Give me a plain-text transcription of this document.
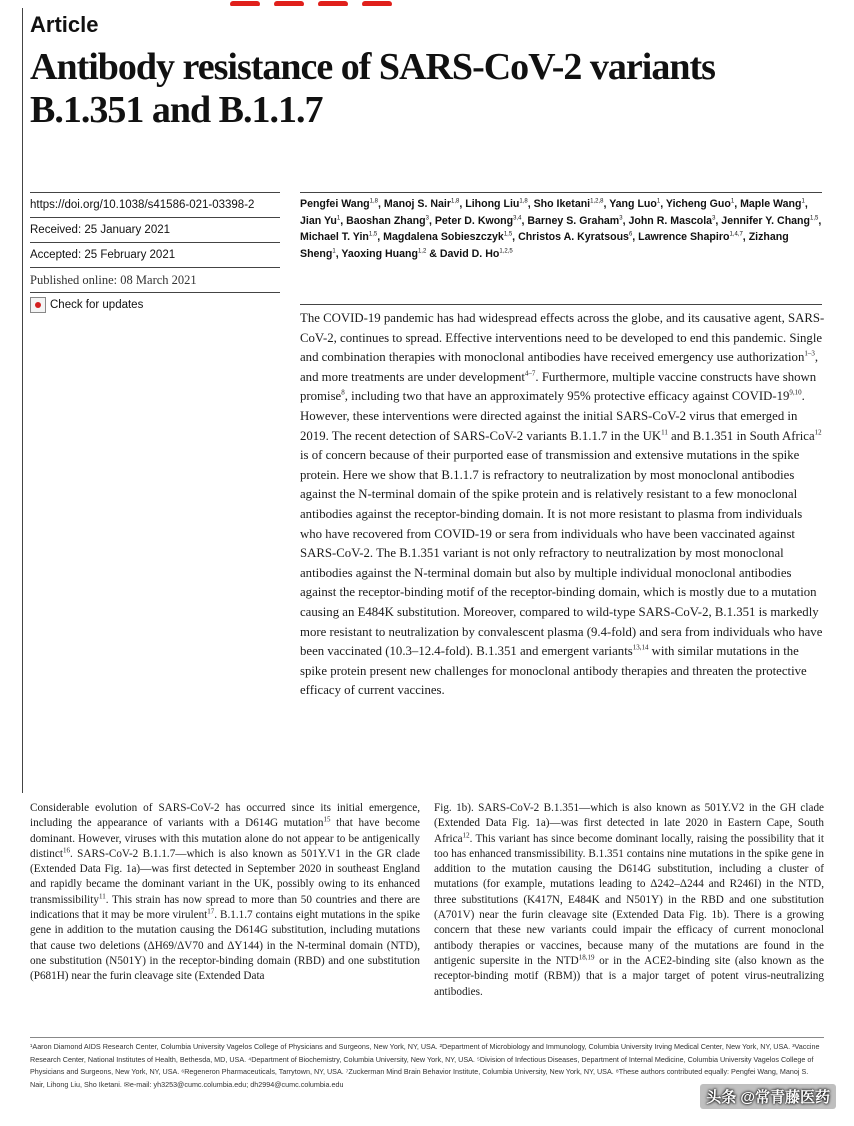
Article
Antibody resistance of SARS-CoV-2 variants B.1.351 and B.1.1.7
https://doi.org/10.1038/s41586-021-03398-2
Received: 25 January 2021
Accepted: 25 February 2021
Published online: 08 March 2021
Check for updates
Pengfei Wang$^{1,8}$, Manoj S. Nair$^{1,8}$, Lihong Liu$^{1,8}$, Sho Iketani$^{1,2,8}$, Yang Luo$^1$, Yicheng Guo$^1$, Maple Wang$^1$, Jian Yu$^1$, Baoshan Zhang$^3$, Peter D. Kwong$^{3,4}$, Barney S. Graham$^3$, John R. Mascola$^3$, Jennifer Y. Chang$^{1,5}$, Michael T. Yin$^{1,5}$, Magdalena Sobieszczyk$^{1,5}$, Christos A. Kyratsous$^6$, Lawrence Shapiro$^{1,4,7}$, Zizhang Sheng$^1$, Yaoxing Huang$^{1,2}$ & David D. Ho$^{1,2,5}$

The COVID-19 pandemic has had widespread effects across the globe, and its causative agent, SARS-CoV-2, continues to spread. Effective interventions need to be developed to end this pandemic. Single and combination therapies with monoclonal antibodies have received emergency use authorization$^{1-3}$, and more treatments are under development$^{4-7}$. Furthermore, multiple vaccine constructs have shown promise$^8$, including two that have an approximately 95% protective efficacy against COVID-19$^{9,10}$. However, these interventions were directed against the initial SARS-CoV-2 virus that emerged in 2019. The recent detection of SARS-CoV-2 variants B.1.1.7 in the UK$^{11}$ and B.1.351 in South Africa$^{12}$ is of concern because of their purported ease of transmission and extensive mutations in the spike protein. Here we show that B.1.1.7 is refractory to neutralization by most monoclonal antibodies against the N-terminal domain of the spike protein and is relatively resistant to a few monoclonal antibodies against the receptor-binding domain. It is not more resistant to plasma from individuals who have recovered from COVID-19 or sera from individuals who have been vaccinated against SARS-CoV-2. The B.1.351 variant is not only refractory to neutralization by most monoclonal antibodies against the N-terminal domain but also by multiple individual monoclonal antibodies against the receptor-binding motif of the receptor-binding domain, which is mostly due to a mutation causing an E484K substitution. Moreover, compared to wild-type SARS-CoV-2, B.1.351 is markedly more resistant to neutralization by convalescent plasma (9.4-fold) and sera from individuals who have been vaccinated (10.3–12.4-fold). B.1.351 and emergent variants$^{13,14}$ with similar mutations in the spike protein present new challenges for monoclonal antibody therapies and threaten the protective efficacy of current vaccines.

Considerable evolution of SARS-CoV-2 has occurred since its initial emergence, including the appearance of variants with a D614G mutation$^{15}$ that have become dominant. However, viruses with this mutation alone do not appear to be antigenically distinct$^{16}$. SARS-CoV-2 B.1.1.7—which is also known as 501Y.V1 in the GR clade (Extended Data Fig. 1a)—was first detected in September 2020 in southeast England and rapidly became the dominant variant in the UK, possibly owing to its enhanced transmissibility$^{11}$. This strain has now spread to more than 50 countries and there are indications that it may be more virulent$^{17}$. B.1.1.7 contains eight mutations in the spike gene in addition to the mutation causing the D614G substitution, including mutations that cause two deletions (ΔH69/ΔV70 and ΔY144) in the N-terminal domain (NTD), one substitution (N501Y) in the receptor-binding domain (RBD) and one substitution (P681H) near the furin cleavage site (Extended Data

Fig. 1b). SARS-CoV-2 B.1.351—which is also known as 501Y.V2 in the GH clade (Extended Data Fig. 1a)—was first detected in late 2020 in Eastern Cape, South Africa$^{12}$. This variant has since become dominant locally, raising the possibility that it too has enhanced transmissibility. B.1.351 contains nine mutations in the spike gene in addition to the mutation causing the D614G substitution, including a cluster of mutations (for example, mutations leading to Δ242–Δ244 and R246I) in the NTD, three substitutions (K417N, E484K and N501Y) in the RBD and one substitution (A701V) near the furin cleavage site (Extended Data Fig. 1b). There is a growing concern that these new variants could impair the efficacy of current monoclonal antibody therapies or vaccines, because many of the mutations are found in the antigenic supersite in the NTD$^{18,19}$ or in the ACE2-binding site (also known as the receptor-binding motif (RBM)) that is a major target of potent virus-neutralizing antibodies.

¹Aaron Diamond AIDS Research Center, Columbia University Vagelos College of Physicians and Surgeons, New York, NY, USA. ²Department of Microbiology and Immunology, Columbia University Irving Medical Center, New York, NY, USA. ³Vaccine Research Center, National Institutes of Health, Bethesda, MD, USA. ⁴Department of Biochemistry, Columbia University, New York, NY, USA. ⁵Division of Infectious Diseases, Department of Internal Medicine, Columbia University Vagelos College of Physicians and Surgeons, New York, NY, USA. ⁶Regeneron Pharmaceuticals, Tarrytown, NY, USA. ⁷Zuckerman Mind Brain Behavior Institute, Columbia University, New York, NY, USA. ⁸These authors contributed equally: Pengfei Wang, Manoj S. Nair, Lihong Liu, Sho Iketani. ✉e-mail: yh3253@cumc.columbia.edu; dh2994@cumc.columbia.edu

头条 @常青藤医药
